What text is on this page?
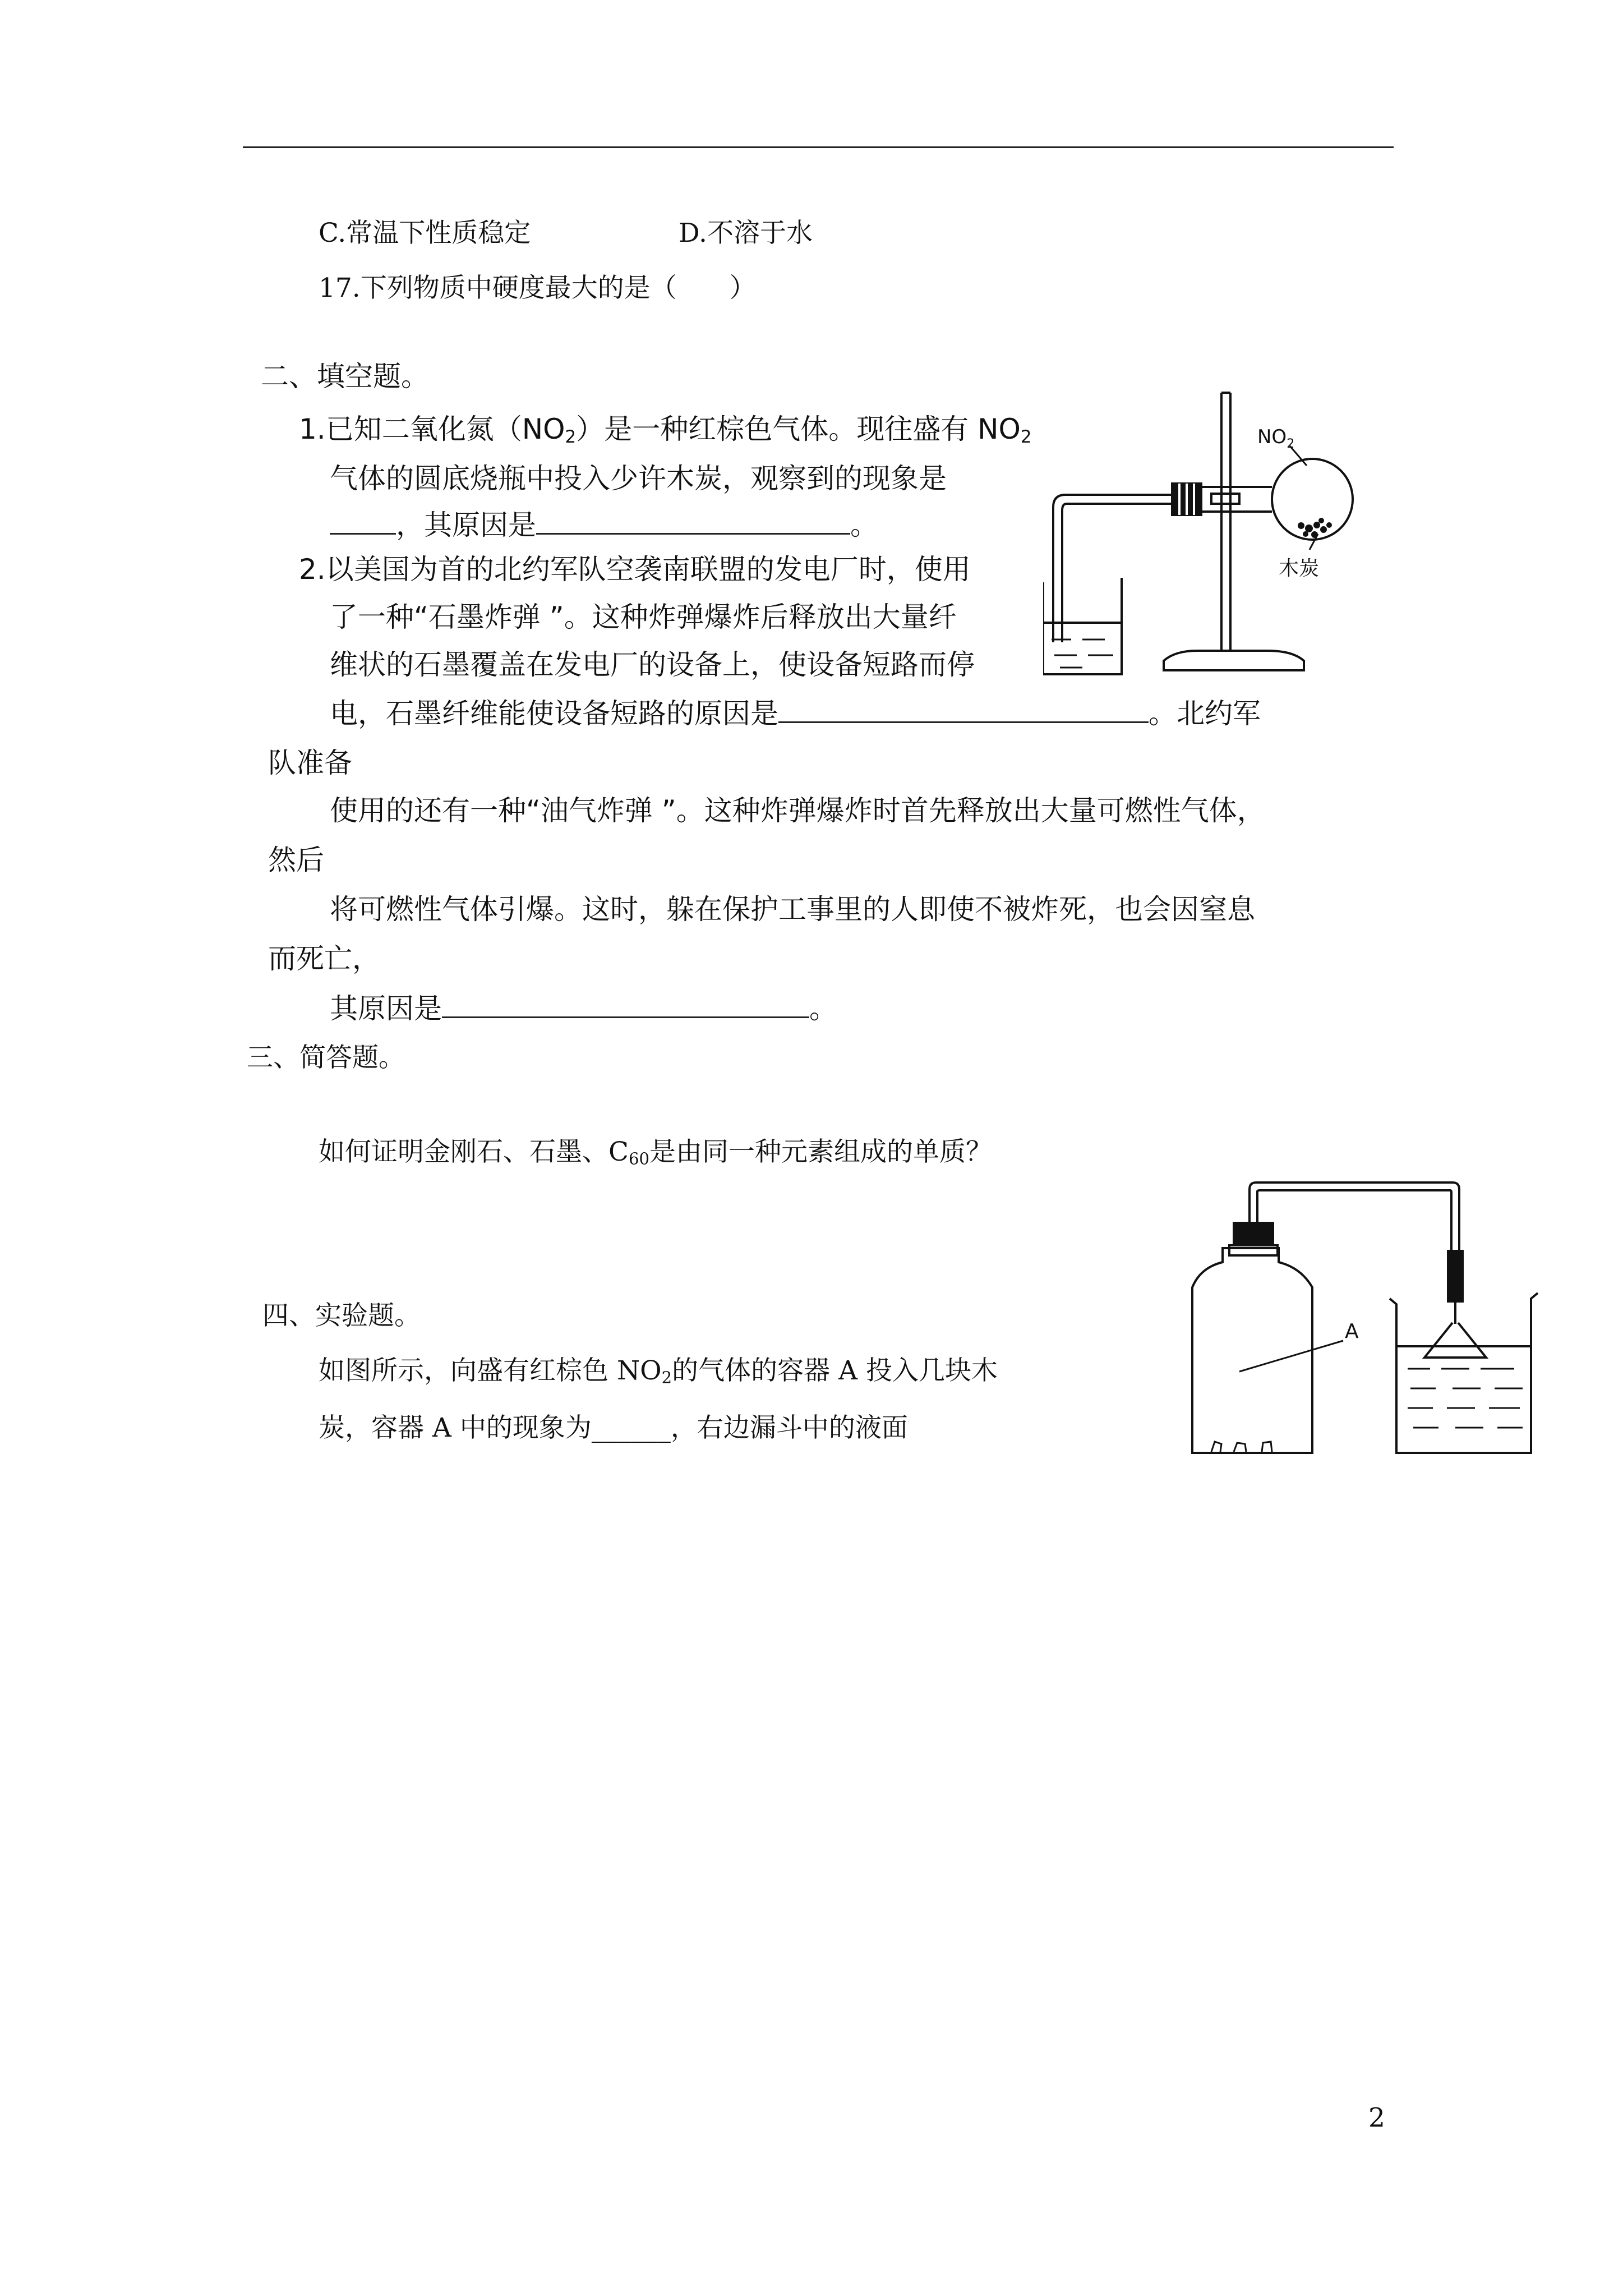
C.常温下性质稳定	D.不溶于水
17.下列物质中硬度最大的是（　　）
二、填空题。
1.已知二氧化氮$(NO_2)$是一种红棕色气体。现往盛有 $NO_2$
气体的圆底烧瓶中投入少许木炭，观察到的现象是
，其原因是	。
2.以美国为首的北约军队空袭南联盟的发电厂时，使用
了一种“石墨炸弹 ”。这种炸弹爆炸后释放出大量纤
维状的石墨覆盖在发电厂的设备上，使设备短路而停
电，石墨纤维能使设备短路的原因是	。北约军
队准备
使用的还有一种“油气炸弹 ”。这种炸弹爆炸时首先释放出大量可燃性气体，
然后
将可燃性气体引爆。这时，躲在保护工事里的人即使不被炸死，也会因窒息
而死亡，
其原因是	。
$NO_2$
木炭
三、简答题。
如何证明金刚石、石墨、$C_{60}$是由同一种元素组成的单质？
四、实验题。
如图所示，向盛有红棕色 $NO_2$的气体的容器 A 投入几块木
炭，容器 A 中的现象为______，右边漏斗中的液面
A
2
